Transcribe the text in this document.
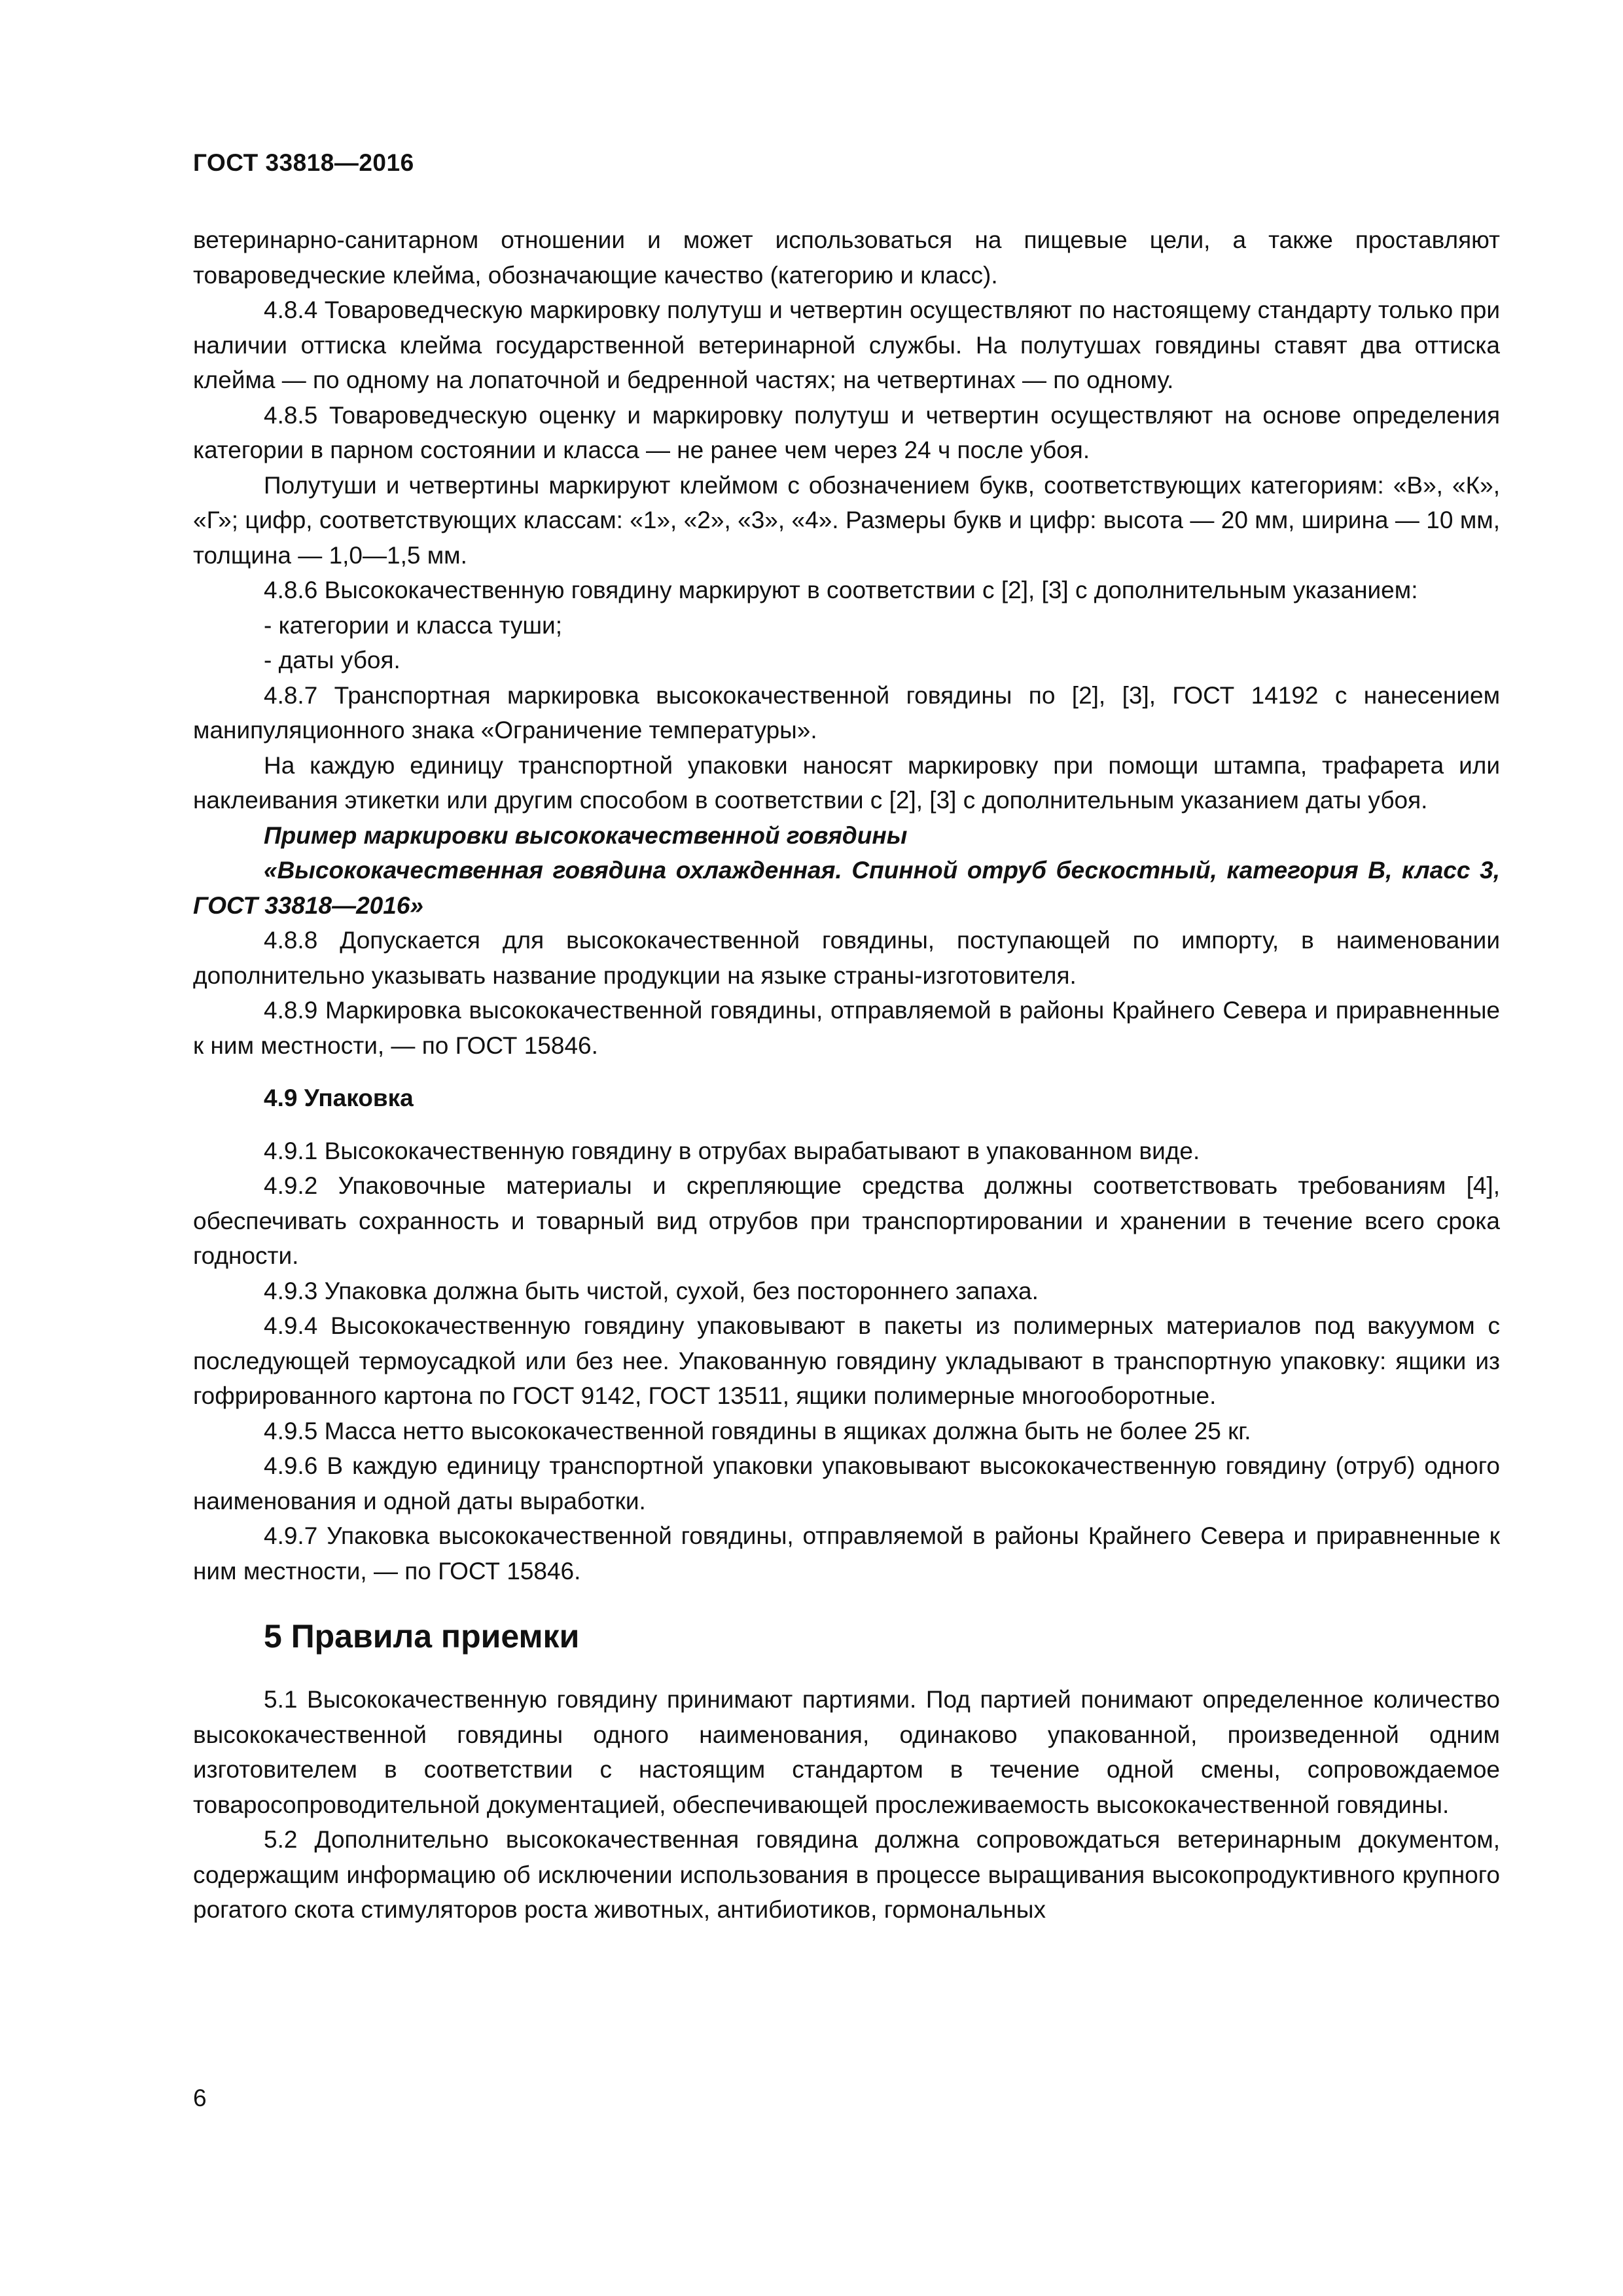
ГОСТ 33818—2016

ветеринарно-санитарном отношении и может использоваться на пищевые цели, а также проставляют товароведческие клейма, обозначающие качество (категорию и класс).

4.8.4 Товароведческую маркировку полутуш и четвертин осуществляют по настоящему стандарту только при наличии оттиска клейма государственной ветеринарной службы. На полутушах говядины ставят два оттиска клейма — по одному на лопаточной и бедренной частях; на четвертинах — по одному.

4.8.5 Товароведческую оценку и маркировку полутуш и четвертин осуществляют на основе определения категории в парном состоянии и класса — не ранее чем через 24 ч после убоя.

Полутуши и четвертины маркируют клеймом с обозначением букв, соответствующих категориям: «В», «К», «Г»; цифр, соответствующих классам: «1», «2», «3», «4». Размеры букв и цифр: высота — 20 мм, ширина — 10 мм, толщина — 1,0—1,5 мм.

4.8.6 Высококачественную говядину маркируют в соответствии с [2], [3] с дополнительным указанием:

- категории и класса туши;

- даты убоя.

4.8.7 Транспортная маркировка высококачественной говядины по [2], [3], ГОСТ 14192 с нанесением манипуляционного знака «Ограничение температуры».

На каждую единицу транспортной упаковки наносят маркировку при помощи штампа, трафарета или наклеивания этикетки или другим способом в соответствии с [2], [3] с дополнительным указанием даты убоя.

Пример маркировки высококачественной говядины

«Высококачественная говядина охлажденная. Спинной отруб бескостный, категория В, класс 3, ГОСТ 33818—2016»

4.8.8 Допускается для высококачественной говядины, поступающей по импорту, в наименовании дополнительно указывать название продукции на языке страны-изготовителя.

4.8.9 Маркировка высококачественной говядины, отправляемой в районы Крайнего Севера и приравненные к ним местности, — по ГОСТ 15846.

4.9 Упаковка

4.9.1 Высококачественную говядину в отрубах вырабатывают в упакованном виде.

4.9.2 Упаковочные материалы и скрепляющие средства должны соответствовать требованиям [4], обеспечивать сохранность и товарный вид отрубов при транспортировании и хранении в течение всего срока годности.

4.9.3 Упаковка должна быть чистой, сухой, без постороннего запаха.

4.9.4 Высококачественную говядину упаковывают в пакеты из полимерных материалов под вакуумом с последующей термоусадкой или без нее. Упакованную говядину укладывают в транспортную упаковку: ящики из гофрированного картона по ГОСТ 9142, ГОСТ 13511, ящики полимерные многооборотные.

4.9.5 Масса нетто высококачественной говядины в ящиках должна быть не более 25 кг.

4.9.6 В каждую единицу транспортной упаковки упаковывают высококачественную говядину (отруб) одного наименования и одной даты выработки.

4.9.7 Упаковка высококачественной говядины, отправляемой в районы Крайнего Севера и приравненные к ним местности, — по ГОСТ 15846.

5 Правила приемки

5.1 Высококачественную говядину принимают партиями. Под партией понимают определенное количество высококачественной говядины одного наименования, одинаково упакованной, произведенной одним изготовителем в соответствии с настоящим стандартом в течение одной смены, сопровождаемое товаросопроводительной документацией, обеспечивающей прослеживаемость высококачественной говядины.

5.2 Дополнительно высококачественная говядина должна сопровождаться ветеринарным документом, содержащим информацию об исключении использования в процессе выращивания высокопродуктивного крупного рогатого скота стимуляторов роста животных, антибиотиков, гормональных

6
